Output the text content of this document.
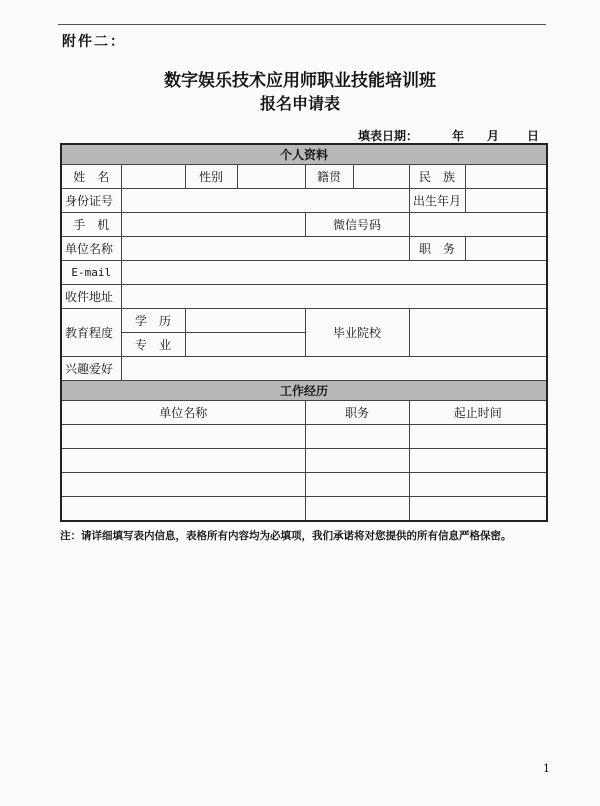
附件二：
数字娱乐技术应用师职业技能培训班
报名申请表
填表日期：	年 月 日
个人资料							
姓　名		性别		籍贯		民　族	
身份证号						出生年月	
手　机				微信号码			
单位名称						职　务	
E-mail							
收件地址							
教育程度	学　历			毕业院校			
	专　业						
兴趣爱好							
工作经历							
单位名称				职务		起止时间	

注：请详细填写表内信息，表格所有内容均为必填项，我们承诺将对您提供的所有信息严格保密。
1
